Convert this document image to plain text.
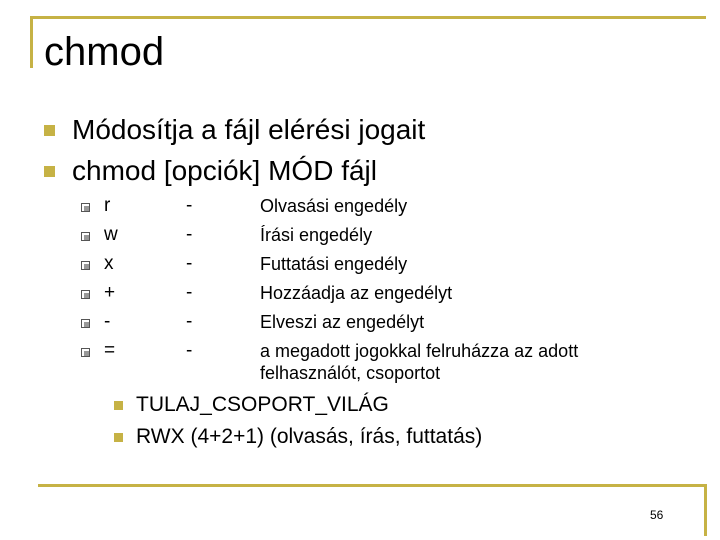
chmod
Módosítja a fájl elérési jogait
chmod [opciók] MÓD fájl
r	-	Olvasási engedély
w	-	Írási engedély
x	-	Futtatási engedély
+	-	Hozzáadja az engedélyt
-	-	Elveszi az engedélyt
=	-	a megadott jogokkal felruházza az adott felhasználót, csoportot
TULAJ_CSOPORT_VILÁG
RWX (4+2+1) (olvasás, írás, futtatás)
56
